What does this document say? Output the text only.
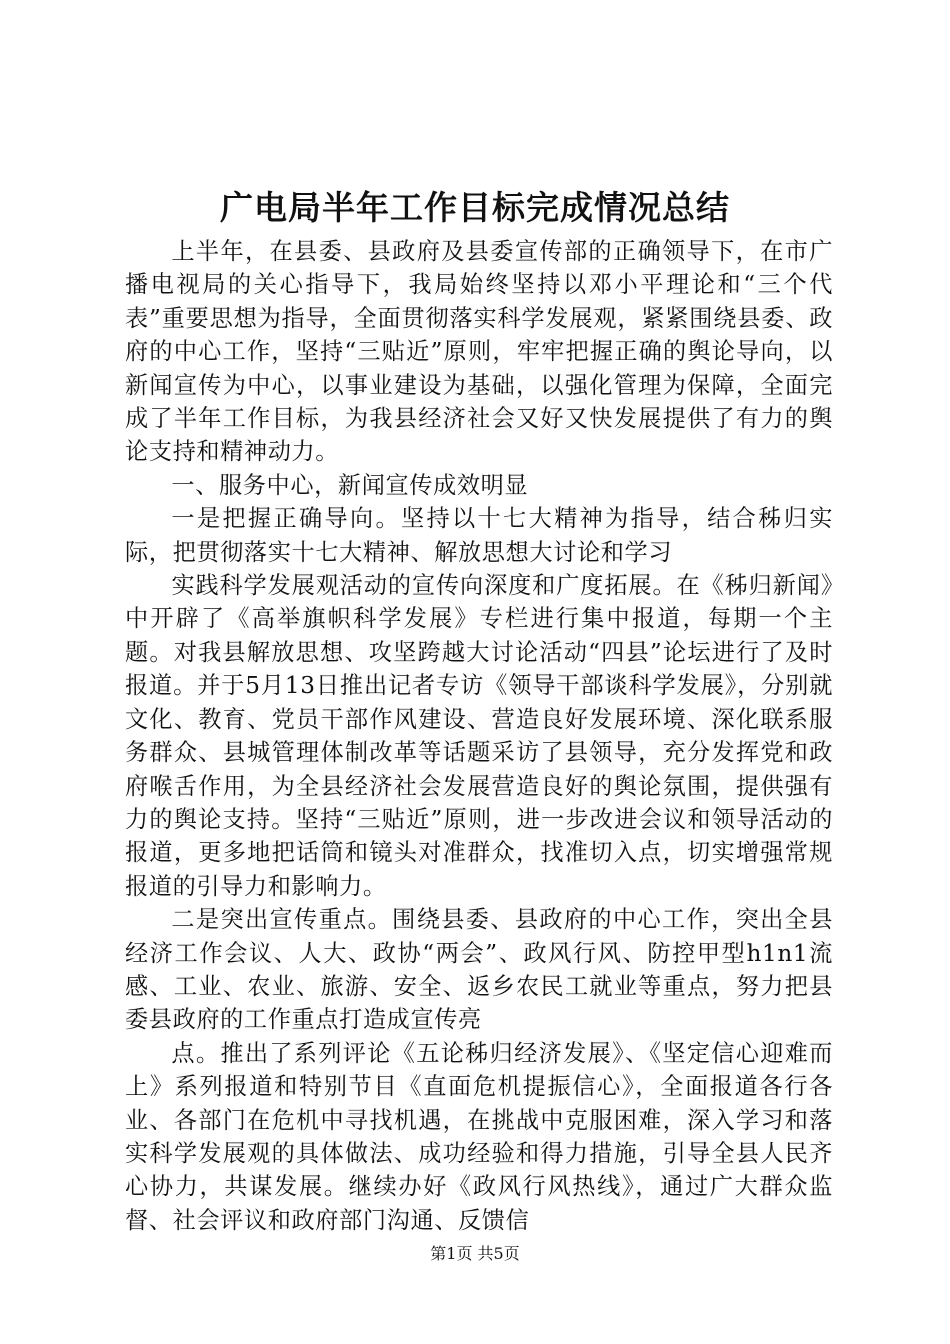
广电局半年工作目标完成情况总结

上半年，在县委、县政府及县委宣传部的正确领导下，在市广播电视局的关心指导下，我局始终坚持以邓小平理论和“三个代表”重要思想为指导，全面贯彻落实科学发展观，紧紧围绕县委、政府的中心工作，坚持“三贴近”原则，牢牢把握正确的舆论导向，以新闻宣传为中心，以事业建设为基础，以强化管理为保障，全面完成了半年工作目标，为我县经济社会又好又快发展提供了有力的舆论支持和精神动力。

一、服务中心，新闻宣传成效明显

一是把握正确导向。坚持以十七大精神为指导，结合秭归实际，把贯彻落实十七大精神、解放思想大讨论和学习

实践科学发展观活动的宣传向深度和广度拓展。在《秭归新闻》中开辟了《高举旗帜科学发展》专栏进行集中报道，每期一个主题。对我县解放思想、攻坚跨越大讨论活动“四县”论坛进行了及时报道。并于5月13日推出记者专访《领导干部谈科学发展》，分别就文化、教育、党员干部作风建设、营造良好发展环境、深化联系服务群众、县城管理体制改革等话题采访了县领导，充分发挥党和政府喉舌作用，为全县经济社会发展营造良好的舆论氛围，提供强有力的舆论支持。坚持“三贴近”原则，进一步改进会议和领导活动的报道，更多地把话筒和镜头对准群众，找准切入点，切实增强常规报道的引导力和影响力。

二是突出宣传重点。围绕县委、县政府的中心工作，突出全县经济工作会议、人大、政协“两会”、政风行风、防控甲型h1n1流感、工业、农业、旅游、安全、返乡农民工就业等重点，努力把县委县政府的工作重点打造成宣传亮

点。推出了系列评论《五论秭归经济发展》、《坚定信心迎难而上》系列报道和特别节目《直面危机提振信心》，全面报道各行各业、各部门在危机中寻找机遇，在挑战中克服困难，深入学习和落实科学发展观的具体做法、成功经验和得力措施，引导全县人民齐心协力，共谋发展。继续办好《政风行风热线》，通过广大群众监督、社会评议和政府部门沟通、反馈信

第1页 共5页
